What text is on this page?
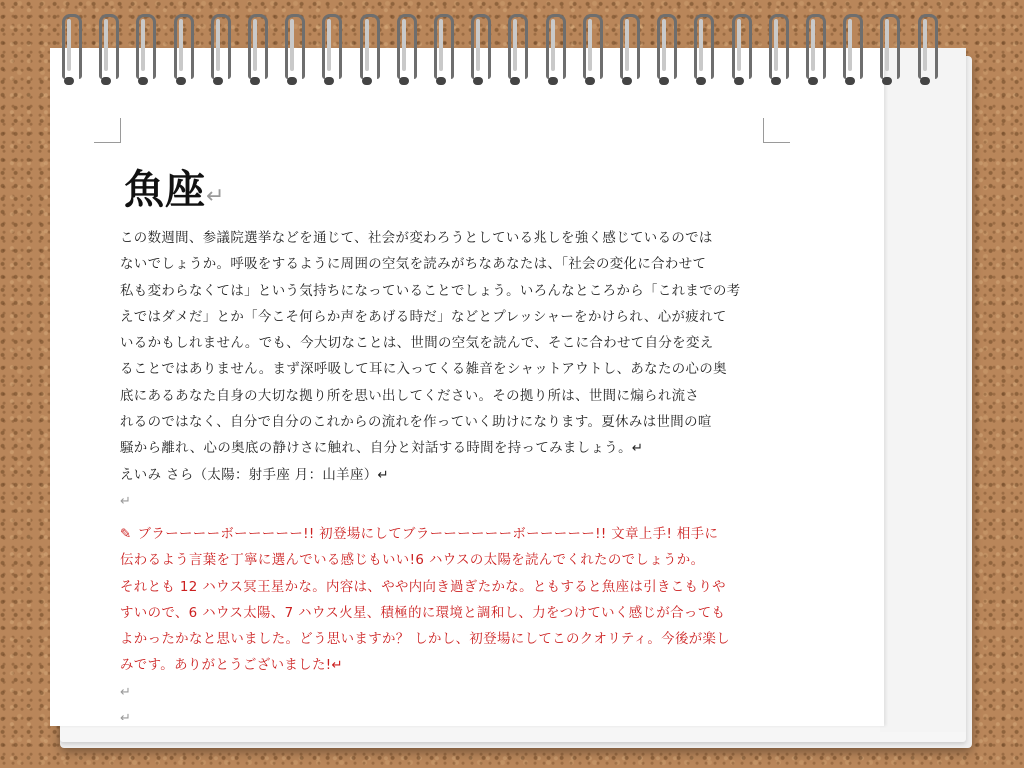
魚座↵
この数週間、参議院選挙などを通じて、社会が変わろうとしている兆しを強く感じているのでは
ないでしょうか。呼吸をするように周囲の空気を読みがちなあなたは、「社会の変化に合わせて
私も変わらなくては」という気持ちになっていることでしょう。いろんなところから「これまでの考
えではダメだ」とか「今こそ何らか声をあげる時だ」などとプレッシャーをかけられ、心が疲れて
いるかもしれません。でも、今大切なことは、世間の空気を読んで、そこに合わせて自分を変え
ることではありません。まず深呼吸して耳に入ってくる雑音をシャットアウトし、あなたの心の奥
底にあるあなた自身の大切な拠り所を思い出してください。その拠り所は、世間に煽られ流さ
れるのではなく、自分で自分のこれからの流れを作っていく助けになります。夏休みは世間の喧
騒から離れ、心の奥底の静けさに触れ、自分と対話する時間を持ってみましょう。↵
えいみ さら（太陽：射手座 月：山羊座）↵
↵
✎ ブラーーーーボーーーーー!! 初登場にしてブラーーーーーーボーーーーー!! 文章上手! 相手に
伝わるよう言葉を丁寧に選んでいる感じもいい!6 ハウスの太陽を読んでくれたのでしょうか。
それとも 12 ハウス冥王星かな。内容は、やや内向き過ぎたかな。ともすると魚座は引きこもりや
すいので、6 ハウス太陽、7 ハウス火星、積極的に環境と調和し、力をつけていく感じが合っても
よかったかなと思いました。どう思いますか？ しかし、初登場にしてこのクオリティ。今後が楽し
みです。ありがとうございました!↵
↵
↵
